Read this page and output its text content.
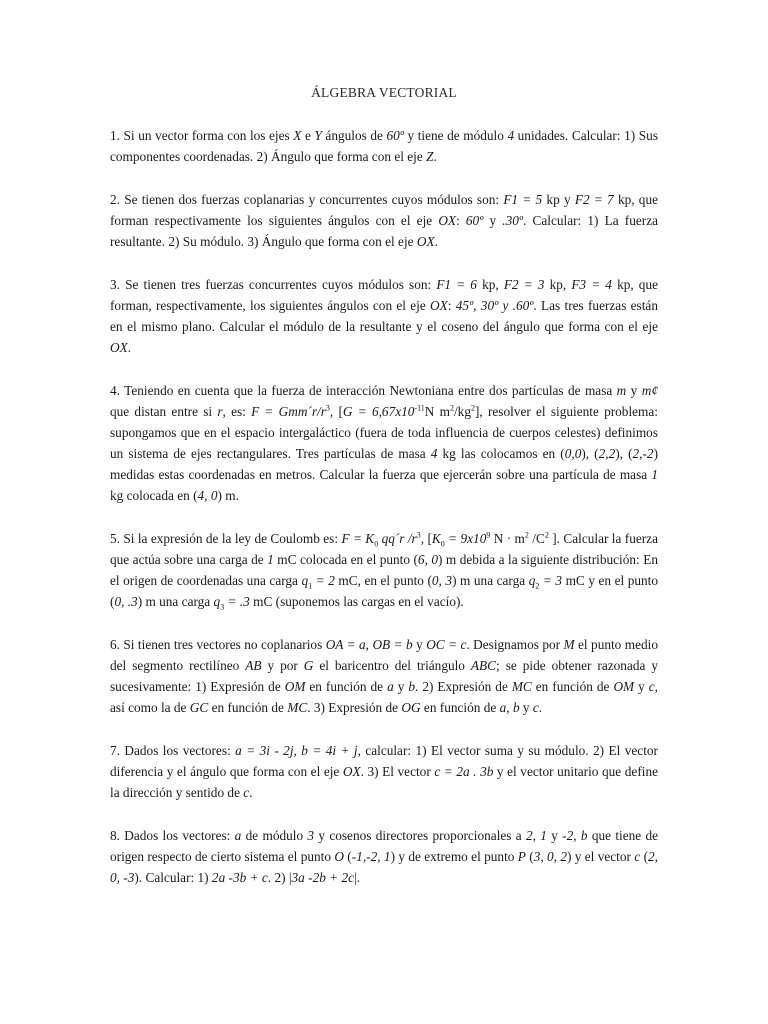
ÁLGEBRA VECTORIAL
1. Si un vector forma con los ejes X e Y ángulos de 60º y tiene de módulo 4 unidades. Calcular: 1) Sus componentes coordenadas. 2) Ángulo que forma con el eje Z.
2. Se tienen dos fuerzas coplanarias y concurrentes cuyos módulos son: F1 = 5 kp y F2 = 7 kp, que forman respectivamente los siguientes ángulos con el eje OX: 60º y .30º. Calcular: 1) La fuerza resultante. 2) Su módulo. 3) Ángulo que forma con el eje OX.
3. Se tienen tres fuerzas concurrentes cuyos módulos son: F1 = 6 kp, F2 = 3 kp, F3 = 4 kp, que forman, respectivamente, los siguientes ángulos con el eje OX: 45º, 30º y .60º. Las tres fuerzas están en el mismo plano. Calcular el módulo de la resultante y el coseno del ángulo que forma con el eje OX.
4. Teniendo en cuenta que la fuerza de interacción Newtoniana entre dos partículas de masa m y m¢ que distan entre si r, es: $F = Gmm´r/r^3$, [$G = 6,67x10^{-11}N$ $m^2/kg^2$], resolver el siguiente problema: supongamos que en el espacio intergaláctico (fuera de toda influencia de cuerpos celestes) definimos un sistema de ejes rectangulares. Tres partículas de masa 4 kg las colocamos en (0,0), (2,2), (2,-2) medidas estas coordenadas en metros. Calcular la fuerza que ejercerán sobre una partícula de masa 1 kg colocada en (4, 0) m.
5. Si la expresión de la ley de Coulomb es: $F = K_0$ qq´r $/r^3$, [$K_0 = 9x10^9$ $N \cdot m^2$ $/C^2$ ]. Calcular la fuerza que actúa sobre una carga de 1 mC colocada en el punto (6, 0) m debida a la siguiente distribución: En el origen de coordenadas una carga $q_1 = 2$ mC, en el punto (0, 3) m una carga $q_2 = 3$ mC y en el punto (0, .3) m una carga $q_3 = .3$ mC (suponemos las cargas en el vacío).
6. Si tienen tres vectores no coplanarios OA = a, OB = b y OC = c. Designamos por M el punto medio del segmento rectilíneo AB y por G el baricentro del triángulo ABC; se pide obtener razonada y sucesivamente: 1) Expresión de OM en función de a y b. 2) Expresión de MC en función de OM y c, así como la de GC en función de MC. 3) Expresión de OG en función de a, b y c.
7. Dados los vectores: a = 3i - 2j, b = 4i + j, calcular: 1) El vector suma y su módulo. 2) El vector diferencia y el ángulo que forma con el eje OX. 3) El vector c = 2a . 3b y el vector unitario que define la dirección y sentido de c.
8. Dados los vectores: a de módulo 3 y cosenos directores proporcionales a 2, 1 y -2, b que tiene de origen respecto de cierto sistema el punto O (-1,-2, 1) y de extremo el punto P (3, 0, 2) y el vector c (2, 0, -3). Calcular: 1) 2a -3b + c. 2) |3a -2b + 2c|.
